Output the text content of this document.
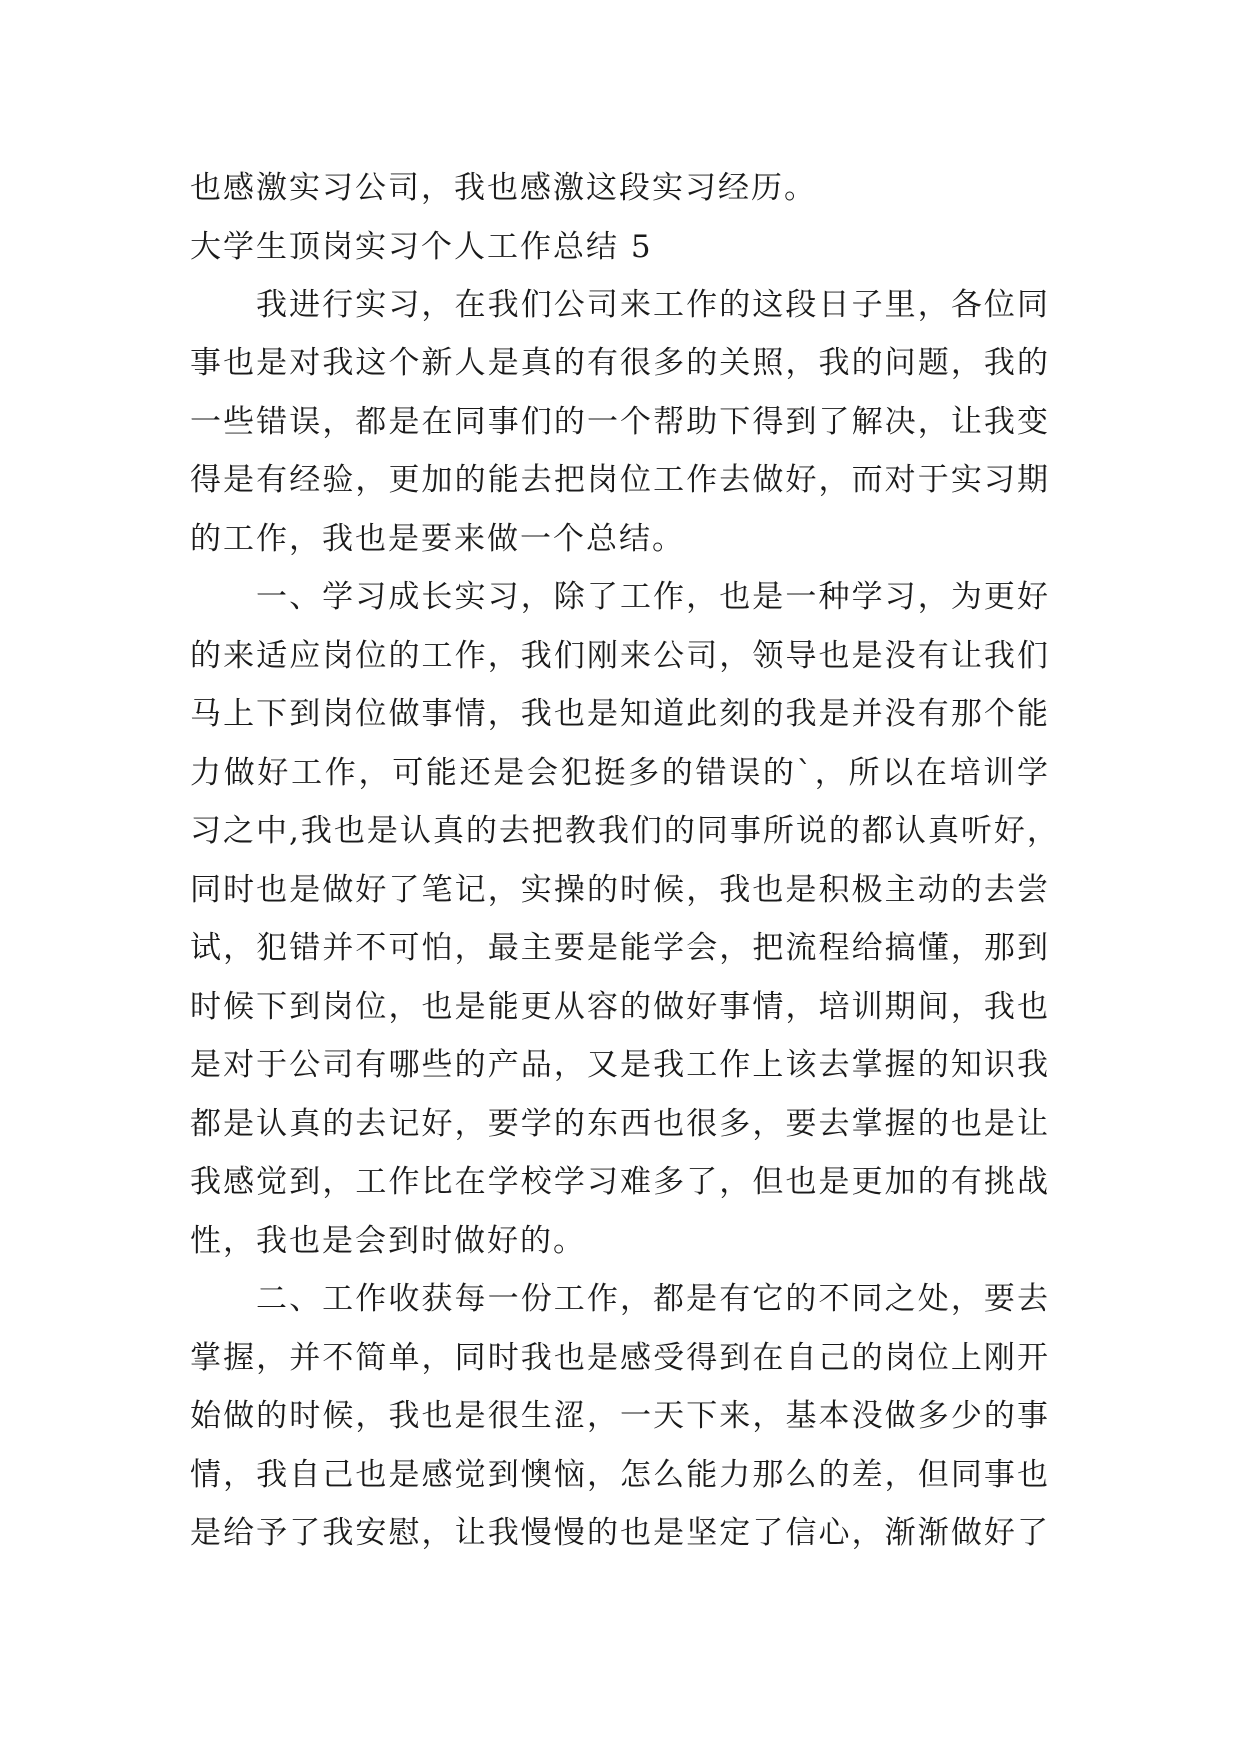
也感激实习公司，我也感激这段实习经历。
大学生顶岗实习个人工作总结 5
我进行实习，在我们公司来工作的这段日子里，各位同
事也是对我这个新人是真的有很多的关照，我的问题，我的
一些错误，都是在同事们的一个帮助下得到了解决，让我变
得是有经验，更加的能去把岗位工作去做好，而对于实习期
的工作，我也是要来做一个总结。
一、学习成长实习，除了工作，也是一种学习，为更好
的来适应岗位的工作，我们刚来公司，领导也是没有让我们
马上下到岗位做事情，我也是知道此刻的我是并没有那个能
力做好工作，可能还是会犯挺多的错误的`，所以在培训学
习之中,我也是认真的去把教我们的同事所说的都认真听好，
同时也是做好了笔记，实操的时候，我也是积极主动的去尝
试，犯错并不可怕，最主要是能学会，把流程给搞懂，那到
时候下到岗位，也是能更从容的做好事情，培训期间，我也
是对于公司有哪些的产品，又是我工作上该去掌握的知识我
都是认真的去记好，要学的东西也很多，要去掌握的也是让
我感觉到，工作比在学校学习难多了，但也是更加的有挑战
性，我也是会到时做好的。
二、工作收获每一份工作，都是有它的不同之处，要去
掌握，并不简单，同时我也是感受得到在自己的岗位上刚开
始做的时候，我也是很生涩，一天下来，基本没做多少的事
情，我自己也是感觉到懊恼，怎么能力那么的差，但同事也
是给予了我安慰，让我慢慢的也是坚定了信心，渐渐做好了
